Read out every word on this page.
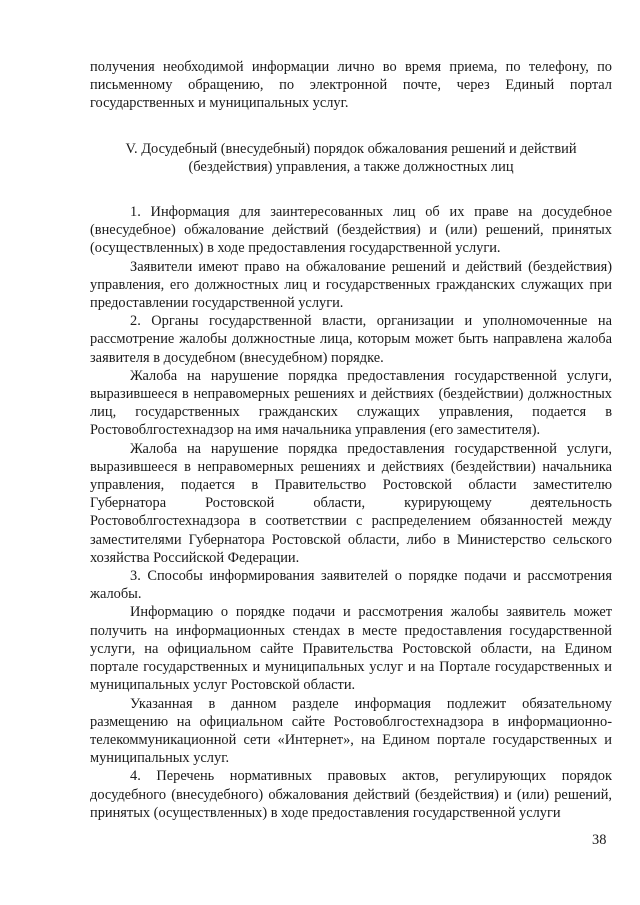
получения необходимой информации лично во время приема, по телефону, по письменному обращению, по электронной почте, через Единый портал государственных и муниципальных услуг.

V. Досудебный (внесудебный) порядок обжалования решений и действий (бездействия) управления, а также должностных лиц

1. Информация для заинтересованных лиц об их праве на досудебное (внесудебное) обжалование действий (бездействия) и (или) решений, принятых (осуществленных) в ходе предоставления государственной услуги.

Заявители имеют право на обжалование решений и действий (бездействия) управления, его должностных лиц и государственных гражданских служащих при предоставлении государственной услуги.

2. Органы государственной власти, организации и уполномоченные на рассмотрение жалобы должностные лица, которым может быть направлена жалоба заявителя в досудебном (внесудебном) порядке.

Жалоба на нарушение порядка предоставления государственной услуги, выразившееся в неправомерных решениях и действиях (бездействии) должностных лиц, государственных гражданских служащих управления, подается в Ростовоблгостехнадзор на имя начальника управления (его заместителя).

Жалоба на нарушение порядка предоставления государственной услуги, выразившееся в неправомерных решениях и действиях (бездействии) начальника управления, подается в Правительство Ростовской области заместителю Губернатора Ростовской области, курирующему деятельность Ростовоблгостехнадзора в соответствии с распределением обязанностей между заместителями Губернатора Ростовской области, либо в Министерство сельского хозяйства Российской Федерации.

3. Способы информирования заявителей о порядке подачи и рассмотрения жалобы.

Информацию о порядке подачи и рассмотрения жалобы заявитель может получить на информационных стендах в месте предоставления государственной услуги, на официальном сайте Правительства Ростовской области, на Едином портале государственных и муниципальных услуг и на Портале государственных и муниципальных услуг Ростовской области.

Указанная в данном разделе информация подлежит обязательному размещению на официальном сайте Ростовоблгостехнадзора в информационно-телекоммуникационной сети «Интернет», на Едином портале государственных и муниципальных услуг.

4. Перечень нормативных правовых актов, регулирующих порядок досудебного (внесудебного) обжалования действий (бездействия) и (или) решений, принятых (осуществленных) в ходе предоставления государственной услуги

38
